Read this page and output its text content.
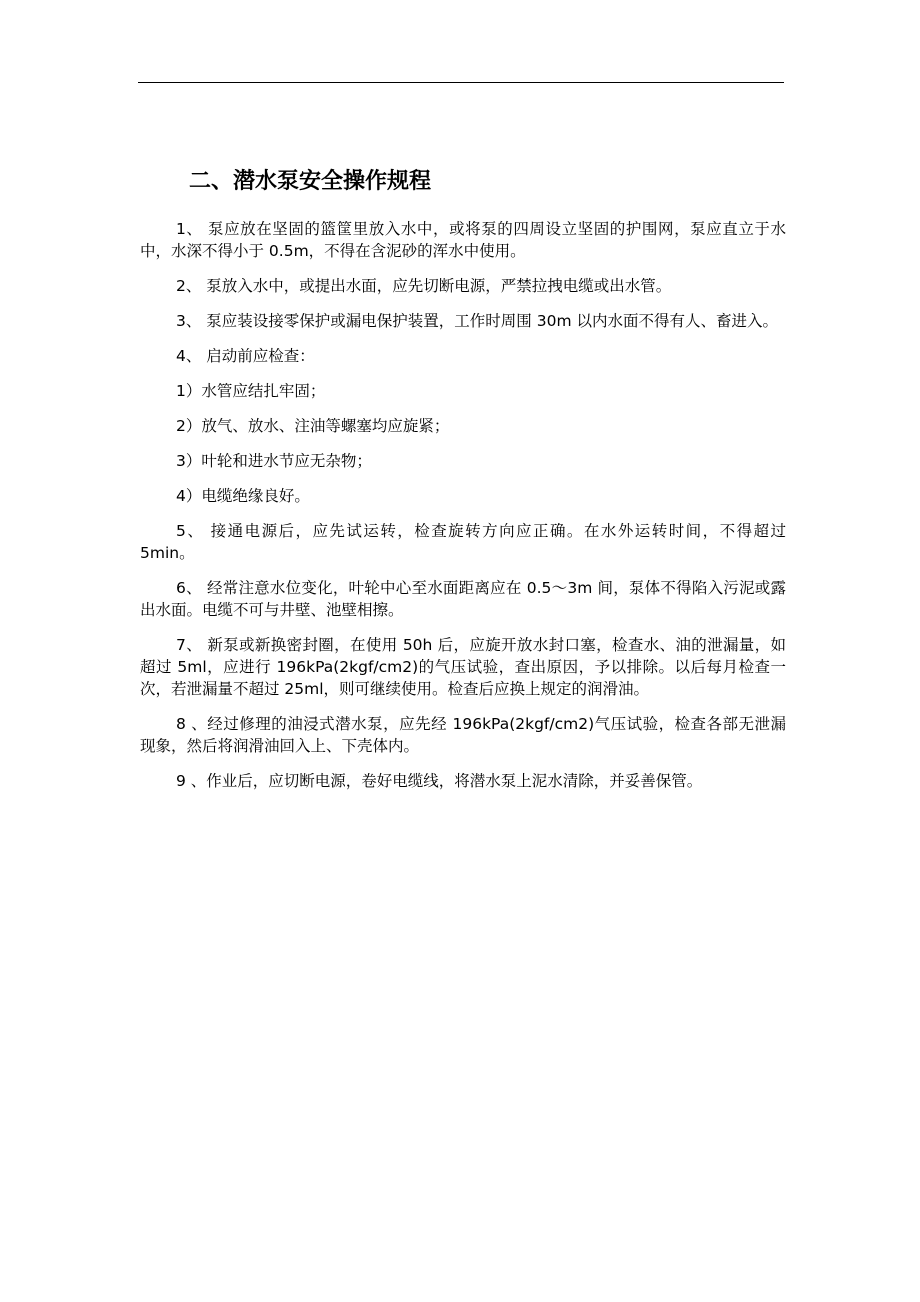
二、潜水泵安全操作规程

1、 泵应放在坚固的篮筐里放入水中，或将泵的四周设立坚固的护围网，泵应直立于水中，水深不得小于 0.5m，不得在含泥砂的浑水中使用。

2、 泵放入水中，或提出水面，应先切断电源，严禁拉拽电缆或出水管。

3、 泵应装设接零保护或漏电保护装置，工作时周围 30m 以内水面不得有人、畜进入。

4、 启动前应检查：

1）水管应结扎牢固；

2）放气、放水、注油等螺塞均应旋紧；

3）叶轮和进水节应无杂物；

4）电缆绝缘良好。

5、 接通电源后，应先试运转，检查旋转方向应正确。在水外运转时间，不得超过 5min。

6、 经常注意水位变化，叶轮中心至水面距离应在 0.5～3m 间，泵体不得陷入污泥或露出水面。电缆不可与井壁、池壁相擦。

7、 新泵或新换密封圈，在使用 50h 后，应旋开放水封口塞，检查水、油的泄漏量，如超过 5ml，应进行 196kPa(2kgf/cm2)的气压试验，查出原因，予以排除。以后每月检查一次，若泄漏量不超过 25ml，则可继续使用。检查后应换上规定的润滑油。

8 、经过修理的油浸式潜水泵，应先经 196kPa(2kgf/cm2)气压试验，检查各部无泄漏现象，然后将润滑油回入上、下壳体内。

9 、作业后，应切断电源，卷好电缆线，将潜水泵上泥水清除，并妥善保管。
